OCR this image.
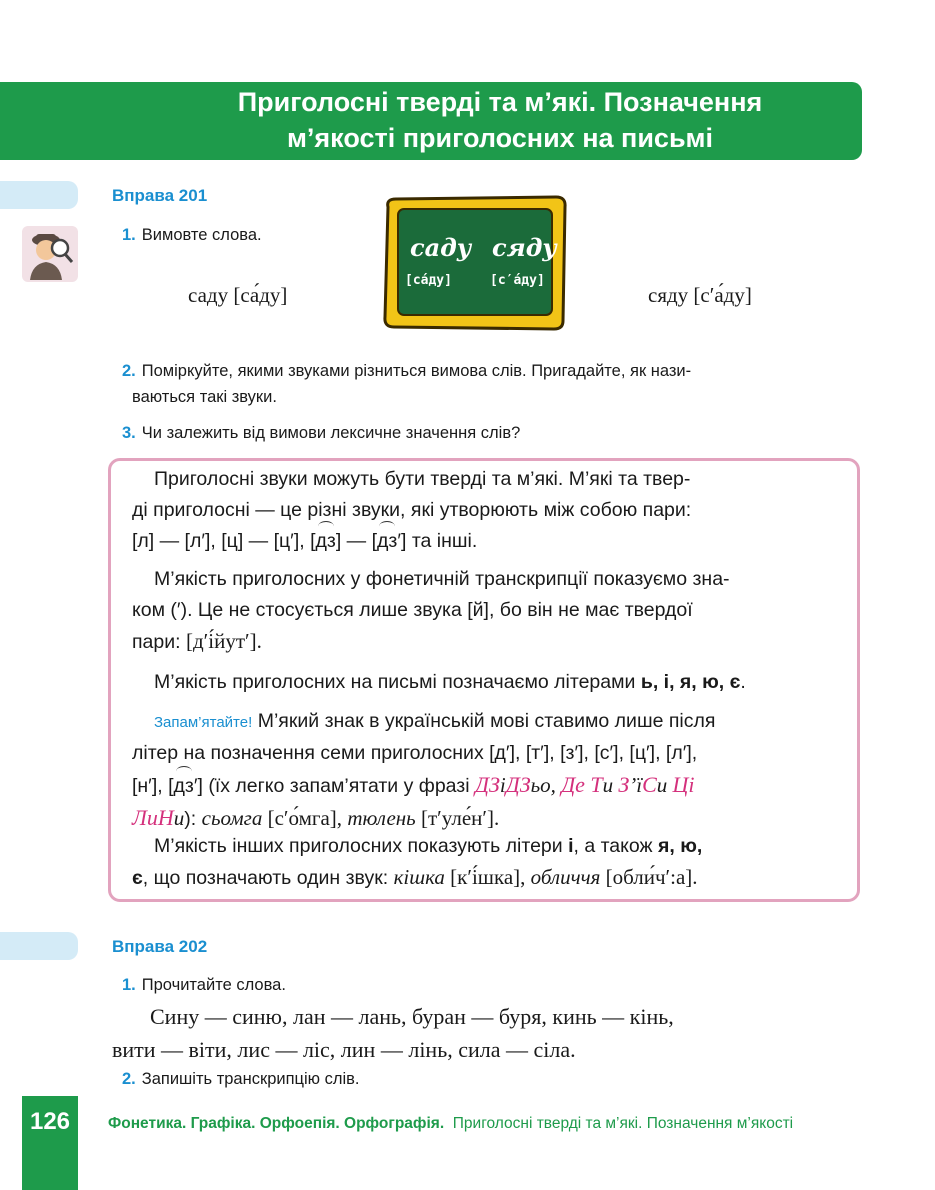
Приголосні тверді та м’які. Позначення
м’якості приголосних на письмі
Вправа 201
1. Вимовте слова.
саду [са́ду]	сяду [с′а́ду]
саду сяду
[са́ду]	[с′а́ду]
2. Поміркуйте, якими звуками різниться вимова слів. Пригадайте, як нази-
ваються такі звуки.
3. Чи залежить від вимови лексичне значення слів?
Приголосні звуки можуть бути тверді та м’які. М’які та твер-
ді приголосні — це різні звуки, які утворюють між собою пари:
[л] — [л′], [ц] — [ц′], [дз] — [дз′] та інші.
М’якість приголосних у фонетичній транскрипції показуємо зна-
ком (′). Це не стосується лише звука [й], бо він не має твердої
пари: [д′і́йут′].
М’якість приголосних на письмі позначаємо літерами ь, і, я, ю, є.
Запам’ятайте! М’який знак в українській мові ставимо лише після
літер на позначення семи приголосних [д′], [т′], [з′], [с′], [ц′], [л′],
[н′], [дз′] (їх легко запам’ятати у фразі ДЗіДЗьо, Де Ти З’їСи Ці
ЛиНи): сьомга [с′о́мга], тюлень [т′уле́н′].
М’якість інших приголосних показують літери і, а також я, ю,
є, що позначають один звук: кішка [к′і́шка], обличчя [обли́ч′:а].
Вправа 202
1. Прочитайте слова.
Сину — синю, лан — лань, буран — буря, кинь — кінь,
вити — віти, лис — ліс, лин — лінь, сила — сіла.
2. Запишіть транскрипцію слів.
126	Фонетика. Графіка. Орфоепія. Орфографія. Приголосні тверді та м’які. Позначення м’якості
